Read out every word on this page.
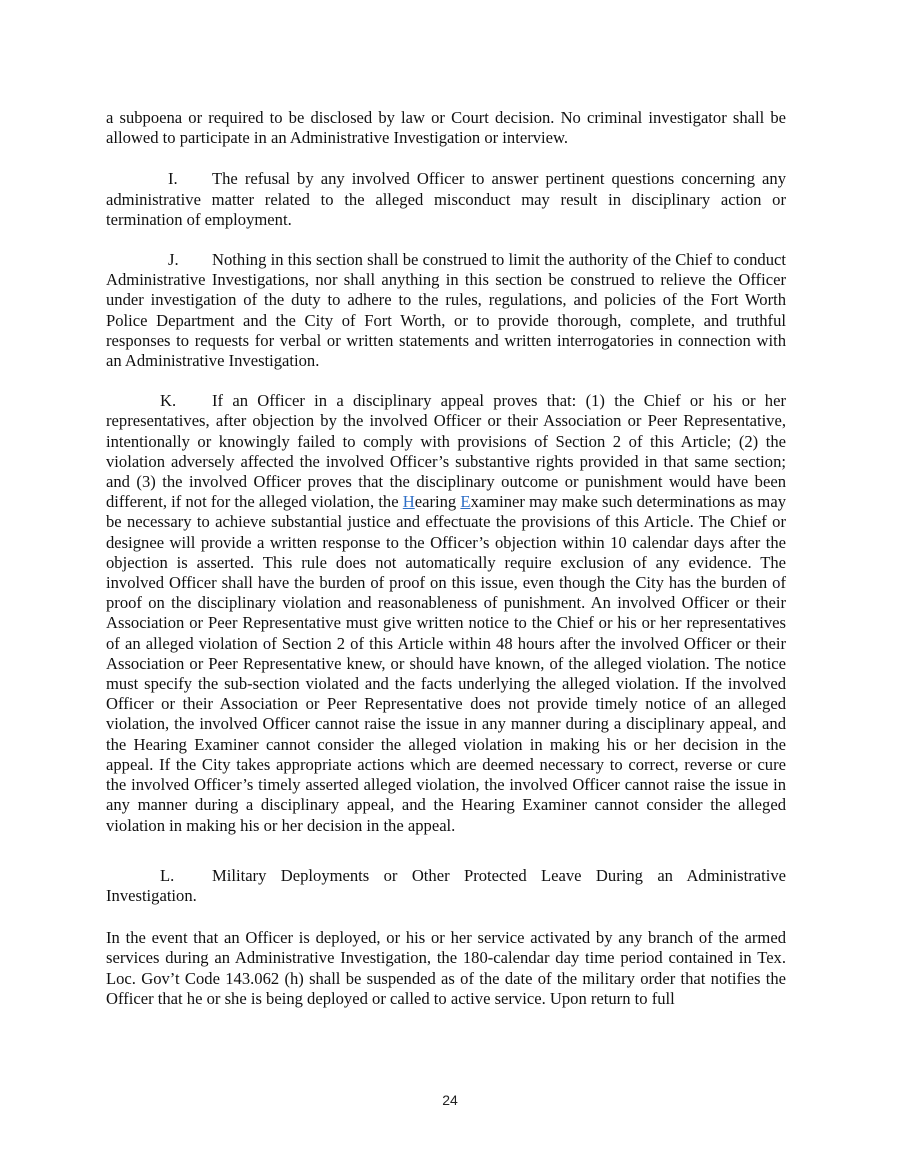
a subpoena or required to be disclosed by law or Court decision. No criminal investigator shall be allowed to participate in an Administrative Investigation or interview.

I. The refusal by any involved Officer to answer pertinent questions concerning any administrative matter related to the alleged misconduct may result in disciplinary action or termination of employment.

J. Nothing in this section shall be construed to limit the authority of the Chief to conduct Administrative Investigations, nor shall anything in this section be construed to relieve the Officer under investigation of the duty to adhere to the rules, regulations, and policies of the Fort Worth Police Department and the City of Fort Worth, or to provide thorough, complete, and truthful responses to requests for verbal or written statements and written interrogatories in connection with an Administrative Investigation.

K. If an Officer in a disciplinary appeal proves that: (1) the Chief or his or her representatives, after objection by the involved Officer or their Association or Peer Representative, intentionally or knowingly failed to comply with provisions of Section 2 of this Article; (2) the violation adversely affected the involved Officer’s substantive rights provided in that same section; and (3) the involved Officer proves that the disciplinary outcome or punishment would have been different, if not for the alleged violation, the Hearing Examiner may make such determinations as may be necessary to achieve substantial justice and effectuate the provisions of this Article. The Chief or designee will provide a written response to the Officer’s objection within 10 calendar days after the objection is asserted. This rule does not automatically require exclusion of any evidence. The involved Officer shall have the burden of proof on this issue, even though the City has the burden of proof on the disciplinary violation and reasonableness of punishment. An involved Officer or their Association or Peer Representative must give written notice to the Chief or his or her representatives of an alleged violation of Section 2 of this Article within 48 hours after the involved Officer or their Association or Peer Representative knew, or should have known, of the alleged violation. The notice must specify the sub-section violated and the facts underlying the alleged violation. If the involved Officer or their Association or Peer Representative does not provide timely notice of an alleged violation, the involved Officer cannot raise the issue in any manner during a disciplinary appeal, and the Hearing Examiner cannot consider the alleged violation in making his or her decision in the appeal. If the City takes appropriate actions which are deemed necessary to correct, reverse or cure the involved Officer’s timely asserted alleged violation, the involved Officer cannot raise the issue in any manner during a disciplinary appeal, and the Hearing Examiner cannot consider the alleged violation in making his or her decision in the appeal.

L. Military Deployments or Other Protected Leave During an Administrative Investigation.

In the event that an Officer is deployed, or his or her service activated by any branch of the armed services during an Administrative Investigation, the 180-calendar day time period contained in Tex. Loc. Gov’t Code 143.062 (h) shall be suspended as of the date of the military order that notifies the Officer that he or she is being deployed or called to active service. Upon return to full

24
